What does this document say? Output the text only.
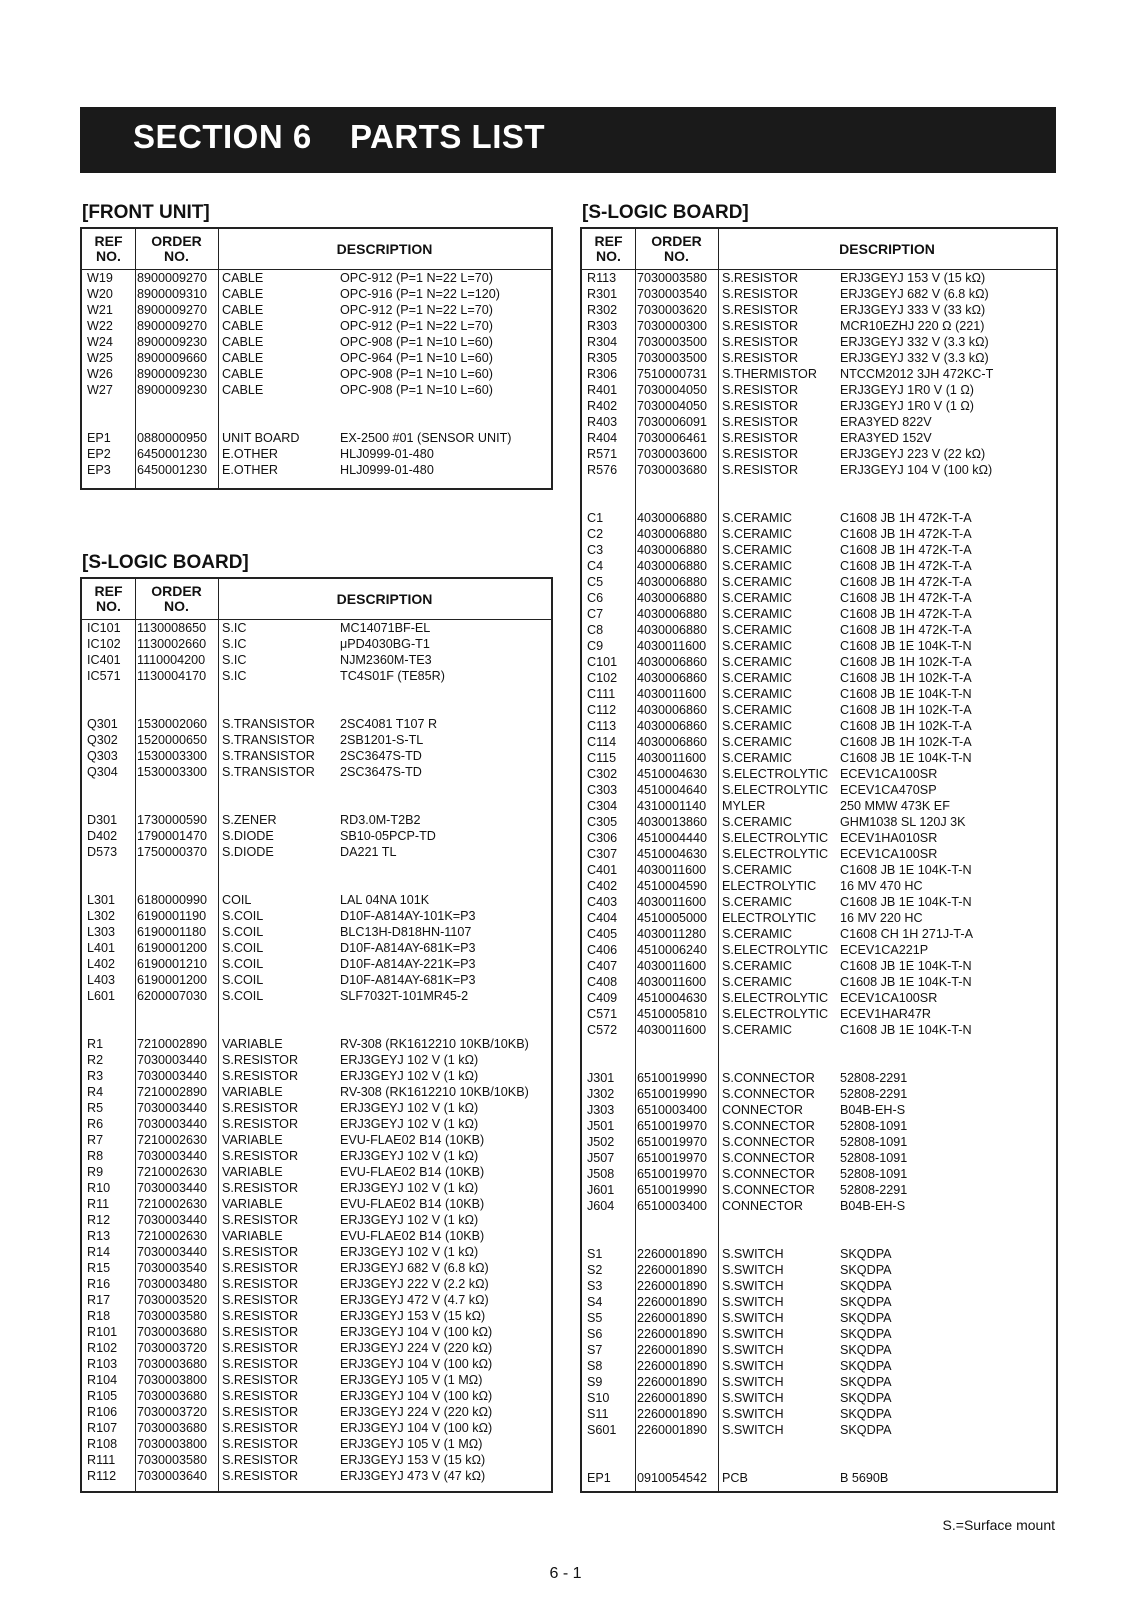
SECTION 6 PARTS LIST
[FRONT UNIT]
REF
NO.
ORDER
NO.	DESCRIPTION
W19 8900009270 CABLE	OPC-912 (P=1 N=22 L=70)
W20 8900009310 CABLE	OPC-916 (P=1 N=22 L=120)
W21 8900009270 CABLE	OPC-912 (P=1 N=22 L=70)
W22 8900009270 CABLE	OPC-912 (P=1 N=22 L=70)
W24 8900009230 CABLE	OPC-908 (P=1 N=10 L=60)
W25 8900009660 CABLE	OPC-964 (P=1 N=10 L=60)
W26 8900009230 CABLE	OPC-908 (P=1 N=10 L=60)
W27 8900009230 CABLE	OPC-908 (P=1 N=10 L=60)
EP1 0880000950 UNIT BOARD	EX-2500 #01 (SENSOR UNIT)
EP2 6450001230 E.OTHER	HLJ0999-01-480
EP3 6450001230 E.OTHER	HLJ0999-01-480
[S-LOGIC BOARD]
REF
NO.
ORDER
NO.	DESCRIPTION
IC101 1130008650 S.IC	MC14071BF-EL
IC102 1130002660 S.IC	μPD4030BG-T1
IC401 1110004200 S.IC	NJM2360M-TE3
IC571 1130004170 S.IC	TC4S01F (TE85R)
Q301 1530002060 S.TRANSISTOR 2SC4081 T107 R
Q302 1520000650 S.TRANSISTOR 2SB1201-S-TL
Q303 1530003300 S.TRANSISTOR 2SC3647S-TD
Q304 1530003300 S.TRANSISTOR 2SC3647S-TD
D301 1730000590 S.ZENER	RD3.0M-T2B2
D402 1790001470 S.DIODE	SB10-05PCP-TD
D573 1750000370 S.DIODE	DA221 TL
L301 6180000990 COIL	LAL 04NA 101K
L302 6190001190 S.COIL	D10F-A814AY-101K=P3
L303 6190001180 S.COIL	BLC13H-D818HN-1107
L401 6190001200 S.COIL	D10F-A814AY-681K=P3
L402 6190001210 S.COIL	D10F-A814AY-221K=P3
L403 6190001200 S.COIL	D10F-A814AY-681K=P3
L601 6200007030 S.COIL	SLF7032T-101MR45-2
R1	7210002890 VARIABLE	RV-308 (RK1612210 10KB/10KB)
R2	7030003440 S.RESISTOR	ERJ3GEYJ 102 V (1 kΩ)
R3	7030003440 S.RESISTOR	ERJ3GEYJ 102 V (1 kΩ)
R4	7210002890 VARIABLE	RV-308 (RK1612210 10KB/10KB)
R5	7030003440 S.RESISTOR	ERJ3GEYJ 102 V (1 kΩ)
R6	7030003440 S.RESISTOR	ERJ3GEYJ 102 V (1 kΩ)
R7	7210002630 VARIABLE	EVU-FLAE02 B14 (10KB)
R8	7030003440 S.RESISTOR	ERJ3GEYJ 102 V (1 kΩ)
R9	7210002630 VARIABLE	EVU-FLAE02 B14 (10KB)
R10 7030003440 S.RESISTOR	ERJ3GEYJ 102 V (1 kΩ)
R11 7210002630 VARIABLE	EVU-FLAE02 B14 (10KB)
R12 7030003440 S.RESISTOR	ERJ3GEYJ 102 V (1 kΩ)
R13 7210002630 VARIABLE	EVU-FLAE02 B14 (10KB)
R14 7030003440 S.RESISTOR	ERJ3GEYJ 102 V (1 kΩ)
R15 7030003540 S.RESISTOR	ERJ3GEYJ 682 V (6.8 kΩ)
R16 7030003480 S.RESISTOR	ERJ3GEYJ 222 V (2.2 kΩ)
R17 7030003520 S.RESISTOR	ERJ3GEYJ 472 V (4.7 kΩ)
R18 7030003580 S.RESISTOR	ERJ3GEYJ 153 V (15 kΩ)
R101 7030003680 S.RESISTOR	ERJ3GEYJ 104 V (100 kΩ)
R102 7030003720 S.RESISTOR	ERJ3GEYJ 224 V (220 kΩ)
R103 7030003680 S.RESISTOR	ERJ3GEYJ 104 V (100 kΩ)
R104 7030003800 S.RESISTOR	ERJ3GEYJ 105 V (1 MΩ)
R105 7030003680 S.RESISTOR	ERJ3GEYJ 104 V (100 kΩ)
R106 7030003720 S.RESISTOR	ERJ3GEYJ 224 V (220 kΩ)
R107 7030003680 S.RESISTOR	ERJ3GEYJ 104 V (100 kΩ)
R108 7030003800 S.RESISTOR	ERJ3GEYJ 105 V (1 MΩ)
R111 7030003580 S.RESISTOR	ERJ3GEYJ 153 V (15 kΩ)
R112 7030003640 S.RESISTOR	ERJ3GEYJ 473 V (47 kΩ)
[S-LOGIC BOARD]
REF
NO.
ORDER
NO.	DESCRIPTION
R113 7030003580 S.RESISTOR	ERJ3GEYJ 153 V (15 kΩ)
R301 7030003540 S.RESISTOR	ERJ3GEYJ 682 V (6.8 kΩ)
R302 7030003620 S.RESISTOR	ERJ3GEYJ 333 V (33 kΩ)
R303 7030000300 S.RESISTOR	MCR10EZHJ 220 Ω (221)
R304 7030003500 S.RESISTOR	ERJ3GEYJ 332 V (3.3 kΩ)
R305 7030003500 S.RESISTOR	ERJ3GEYJ 332 V (3.3 kΩ)
R306 7510000731 S.THERMISTOR NTCCM2012 3JH 472KC-T
R401 7030004050 S.RESISTOR	ERJ3GEYJ 1R0 V (1 Ω)
R402 7030004050 S.RESISTOR	ERJ3GEYJ 1R0 V (1 Ω)
R403 7030006091 S.RESISTOR	ERA3YED 822V
R404 7030006461 S.RESISTOR	ERA3YED 152V
R571 7030003600 S.RESISTOR	ERJ3GEYJ 223 V (22 kΩ)
R576 7030003680 S.RESISTOR	ERJ3GEYJ 104 V (100 kΩ)
C1	4030006880 S.CERAMIC	C1608 JB 1H 472K-T-A
C2	4030006880 S.CERAMIC	C1608 JB 1H 472K-T-A
C3	4030006880 S.CERAMIC	C1608 JB 1H 472K-T-A
C4	4030006880 S.CERAMIC	C1608 JB 1H 472K-T-A
C5	4030006880 S.CERAMIC	C1608 JB 1H 472K-T-A
C6	4030006880 S.CERAMIC	C1608 JB 1H 472K-T-A
C7	4030006880 S.CERAMIC	C1608 JB 1H 472K-T-A
C8	4030006880 S.CERAMIC	C1608 JB 1H 472K-T-A
C9	4030011600 S.CERAMIC	C1608 JB 1E 104K-T-N
C101 4030006860 S.CERAMIC	C1608 JB 1H 102K-T-A
C102 4030006860 S.CERAMIC	C1608 JB 1H 102K-T-A
C111 4030011600 S.CERAMIC	C1608 JB 1E 104K-T-N
C112 4030006860 S.CERAMIC	C1608 JB 1H 102K-T-A
C113 4030006860 S.CERAMIC	C1608 JB 1H 102K-T-A
C114 4030006860 S.CERAMIC	C1608 JB 1H 102K-T-A
C115 4030011600 S.CERAMIC	C1608 JB 1E 104K-T-N
C302 4510004630 S.ELECTROLYTIC ECEV1CA100SR
C303 4510004640 S.ELECTROLYTIC ECEV1CA470SP
C304 4310001140 MYLER	250 MMW 473K EF
C305 4030013860 S.CERAMIC	GHM1038 SL 120J 3K
C306 4510004440 S.ELECTROLYTIC ECEV1HA010SR
C307 4510004630 S.ELECTROLYTIC ECEV1CA100SR
C401 4030011600 S.CERAMIC	C1608 JB 1E 104K-T-N
C402 4510004590 ELECTROLYTIC 16 MV 470 HC
C403 4030011600 S.CERAMIC	C1608 JB 1E 104K-T-N
C404 4510005000 ELECTROLYTIC 16 MV 220 HC
C405 4030011280 S.CERAMIC	C1608 CH 1H 271J-T-A
C406 4510006240 S.ELECTROLYTIC ECEV1CA221P
C407 4030011600 S.CERAMIC	C1608 JB 1E 104K-T-N
C408 4030011600 S.CERAMIC	C1608 JB 1E 104K-T-N
C409 4510004630 S.ELECTROLYTIC ECEV1CA100SR
C571 4510005810 S.ELECTROLYTIC ECEV1HAR47R
C572 4030011600 S.CERAMIC	C1608 JB 1E 104K-T-N
J301 6510019990 S.CONNECTOR 52808-2291
J302 6510019990 S.CONNECTOR 52808-2291
J303 6510003400 CONNECTOR	B04B-EH-S
J501 6510019970 S.CONNECTOR 52808-1091
J502 6510019970 S.CONNECTOR 52808-1091
J507 6510019970 S.CONNECTOR 52808-1091
J508 6510019970 S.CONNECTOR 52808-1091
J601 6510019990 S.CONNECTOR 52808-2291
J604 6510003400 CONNECTOR	B04B-EH-S
S1	2260001890 S.SWITCH	SKQDPA
S2	2260001890 S.SWITCH	SKQDPA
S3	2260001890 S.SWITCH	SKQDPA
S4	2260001890 S.SWITCH	SKQDPA
S5	2260001890 S.SWITCH	SKQDPA
S6	2260001890 S.SWITCH	SKQDPA
S7	2260001890 S.SWITCH	SKQDPA
S8	2260001890 S.SWITCH	SKQDPA
S9	2260001890 S.SWITCH	SKQDPA
S10 2260001890 S.SWITCH	SKQDPA
S11 2260001890 S.SWITCH	SKQDPA
S601 2260001890 S.SWITCH	SKQDPA
EP1 0910054542 PCB	B 5690B
S.=Surface mount
6 - 1
